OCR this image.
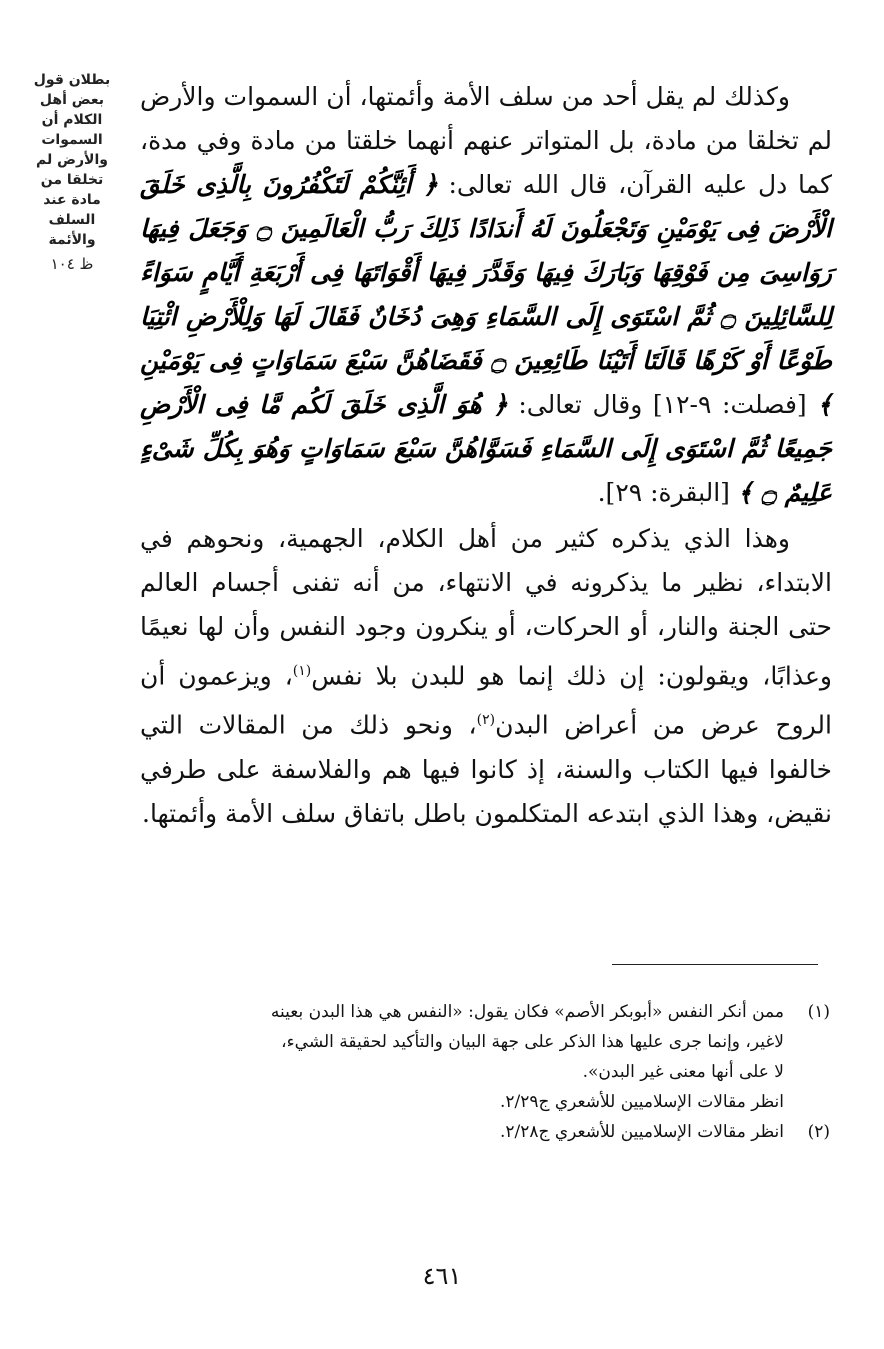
بطلان قول
بعض أهل
الكلام أن
السموات
والأرض لم
تخلقا من
مادة عند
السلف
والأئمة
ظ ١٠٤

وكذلك لم يقل أحد من سلف الأمة وأئمتها، أن السموات والأرض لم تخلقا من مادة، بل المتواتر عنهم أنهما خلقتا من مادة وفي مدة، كما دل عليه القرآن، قال الله تعالى: ﴿ أَئِنَّكُمْ لَتَكْفُرُونَ بِالَّذِى خَلَقَ الْأَرْضَ فِى يَوْمَيْنِ وَتَجْعَلُونَ لَهُ أَندَادًا ذَلِكَ رَبُّ الْعَالَمِينَ ۝ وَجَعَلَ فِيهَا رَوَاسِىَ مِن فَوْقِهَا وَبَارَكَ فِيهَا وَقَدَّرَ فِيهَا أَقْوَاتَهَا فِى أَرْبَعَةِ أَيَّامٍ سَوَاءً لِلسَّائِلِينَ ۝ ثُمَّ اسْتَوَى إِلَى السَّمَاءِ وَهِىَ دُخَانٌ فَقَالَ لَهَا وَلِلْأَرْضِ ائْتِيَا طَوْعًا أَوْ كَرْهًا قَالَتَا أَتَيْنَا طَائِعِينَ ۝ فَقَضَاهُنَّ سَبْعَ سَمَاوَاتٍ فِى يَوْمَيْنِ ﴾ [فصلت: ٩-١٢] وقال تعالى: ﴿ هُوَ الَّذِى خَلَقَ لَكُم مَّا فِى الْأَرْضِ جَمِيعًا ثُمَّ اسْتَوَى إِلَى السَّمَاءِ فَسَوَّاهُنَّ سَبْعَ سَمَاوَاتٍ وَهُوَ بِكُلِّ شَىْءٍ عَلِيمٌ ۝ ﴾ [البقرة: ٢٩].

وهذا الذي يذكره كثير من أهل الكلام، الجهمية، ونحوهم في الابتداء، نظير ما يذكرونه في الانتهاء، من أنه تفنى أجسام العالم حتى الجنة والنار، أو الحركات، أو ينكرون وجود النفس وأن لها نعيمًا وعذابًا، ويقولون: إن ذلك إنما هو للبدن بلا نفس$^{(١)}$، ويزعمون أن الروح عرض من أعراض البدن$^{(٢)}$، ونحو ذلك من المقالات التي خالفوا فيها الكتاب والسنة، إذ كانوا فيها هم والفلاسفة على طرفي نقيض، وهذا الذي ابتدعه المتكلمون باطل باتفاق سلف الأمة وأئمتها.

(١)
ممن أنكر النفس «أبوبكر الأصم» فكان يقول: «النفس هي هذا البدن بعينه
لاغير، وإنما جرى عليها هذا الذكر على جهة البيان والتأكيد لحقيقة الشيء،
لا على أنها معنى غير البدن».
انظر مقالات الإسلاميين للأشعري ج٢/٢٩.
(٢)
انظر مقالات الإسلاميين للأشعري ج٢/٢٨.
٤٦١
